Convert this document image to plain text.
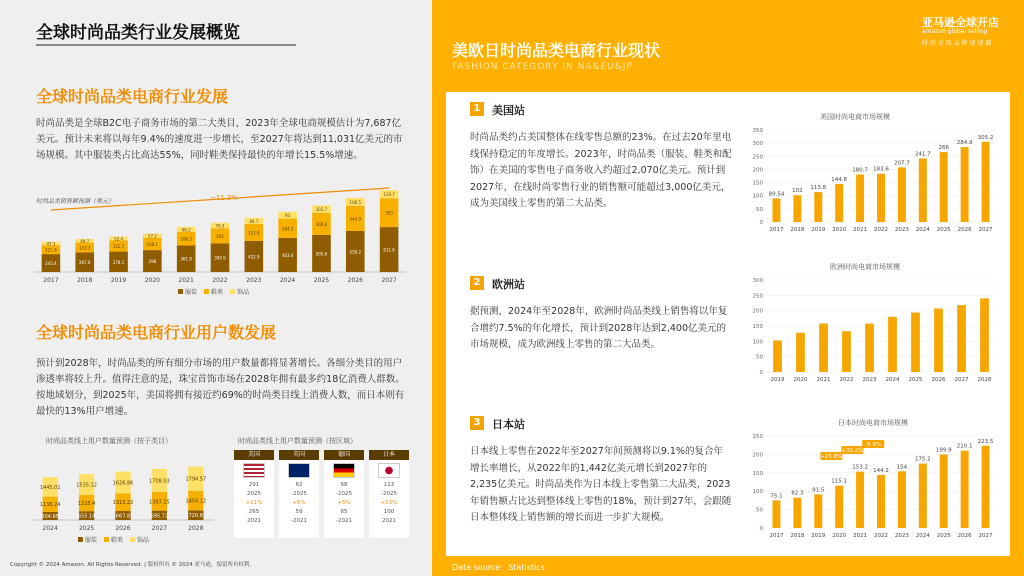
全球时尚品类行业发展概览
全球时尚品类电商行业发展
时尚品类是全球B2C电子商务市场的第二大类目，2023年全球电商规模估计为7,687亿美元。预计未来将以每年9.4%的速度进一步增长，至2027年将达到11,031亿美元的市场规模。其中服装类占比高达55%，同时鞋类保持最快的年增长15.5%增速。
243.4
121.6
47.3
2017
267.6
132.3
49.7
2018
278.1
152.7
52.4
2019
298
168.1
57.2
2020
361.9
186.3
66.2
2021
390.9
205
76.3
2022
422.9
231.9
84.7
2023
463.4
264.3
93
2024
505.6
300.6
101.7
2025
558.2
344.9
106.5
2026
611.6
393
110.7
2027
服装 鞋类 饰品
~11.3%
时尚品类销售额预测（美元）
全球时尚品类电商行业用户数发展
预计到2028年，时尚品类的所有细分市场的用户数量都将显著增长。各细分类目的用户渗透率将较上升。值得注意的是，珠宝首饰市场在2028年拥有最多约18亿消费人群数。按地域划分，到2025年，美国将拥有接近约69%的时尚类目线上消费人数，而日本则有最快的13%用户增速。
时尚品类线上用户数量预测（按子类目）
604.65
1136.24
1445.01
2024
655.14
1225.4
1535.12
2025
667.8
1313.22
1626.86
2026
695.72
1397.15
1708.03
2027
720.8
1454.12
1794.57
2028
服装 鞋类 饰品
时尚品类线上用户数量预测（按区域）
美国
291
2025
+11%
265
2021
英国
62
-2025
+6%
59
-2021
德国
68
-2025
+5%
65
-2021
日本
113
-2025
+13%
100
2021
Copyright © 2024 Amazon. All Rights Reserved. | 版权所有 © 2024 亚马逊，保留所有权利。
美欧日时尚品类电商行业现状
FASHION CATEGORY IN NA&EU&JP
亚马逊全球开店
amazon global selling
时 尚 全 球 品 牌 加 速 器
1	美国站
时尚品类约占美国整体在线零售总额的23%。在过去20年里电线保持稳定的年度增长。2023年，时尚品类（服装、鞋类和配饰）在美国的零售电子商务收入约超过2,070亿美元。预计到2027年，在线时尚零售行业的销售额可能超过3,000亿美元，成为美国线上零售的第二大品类。
2	欧洲站
据预测，2024年至2028年，欧洲时尚品类线上销售将以年复合增约7.5%的年化增长，预计到2028年达到2,400亿美元的市场规模，成为欧洲线上零售的第二大品类。
3	日本站
日本线上零售在2022年至2027年间预测将以9.1%的复合年增长率增长，从2022年的1,442亿美元增长到2027年的2,235亿美元。时尚品类作为日本线上零售第二大品类，2023年销售额占比达到整体线上零售的18%，预计到27年，会跟随日本整体线上销售额的增长而进一步扩大规模。
美国时尚电商市场规模
0
50
100
150
200
250
300
350
89.54
2017
102
2018
113.8
2019
144.8
2020
180.7
2021
183.6
2022
207.7
2023
241.7
2024
266
2025
284.9
2026
305.2
2027
欧洲时尚电商市场规模
0
50
100
150
200
250
300
2019 2020 2021 2022 2023 2024 2025 2026 2027 2028
日本时尚电商市场规模
0
50
100
150
200
250
75.1
2017
82.3
2018
91.5
2019
115.1
2020
153.2
2021
144.2
2022
154
2023
175.2
2024
199.9
2025
210.1
2026
223.5
2027
+25.8%
+33.2%
-5.9%
Data source：Statistics
